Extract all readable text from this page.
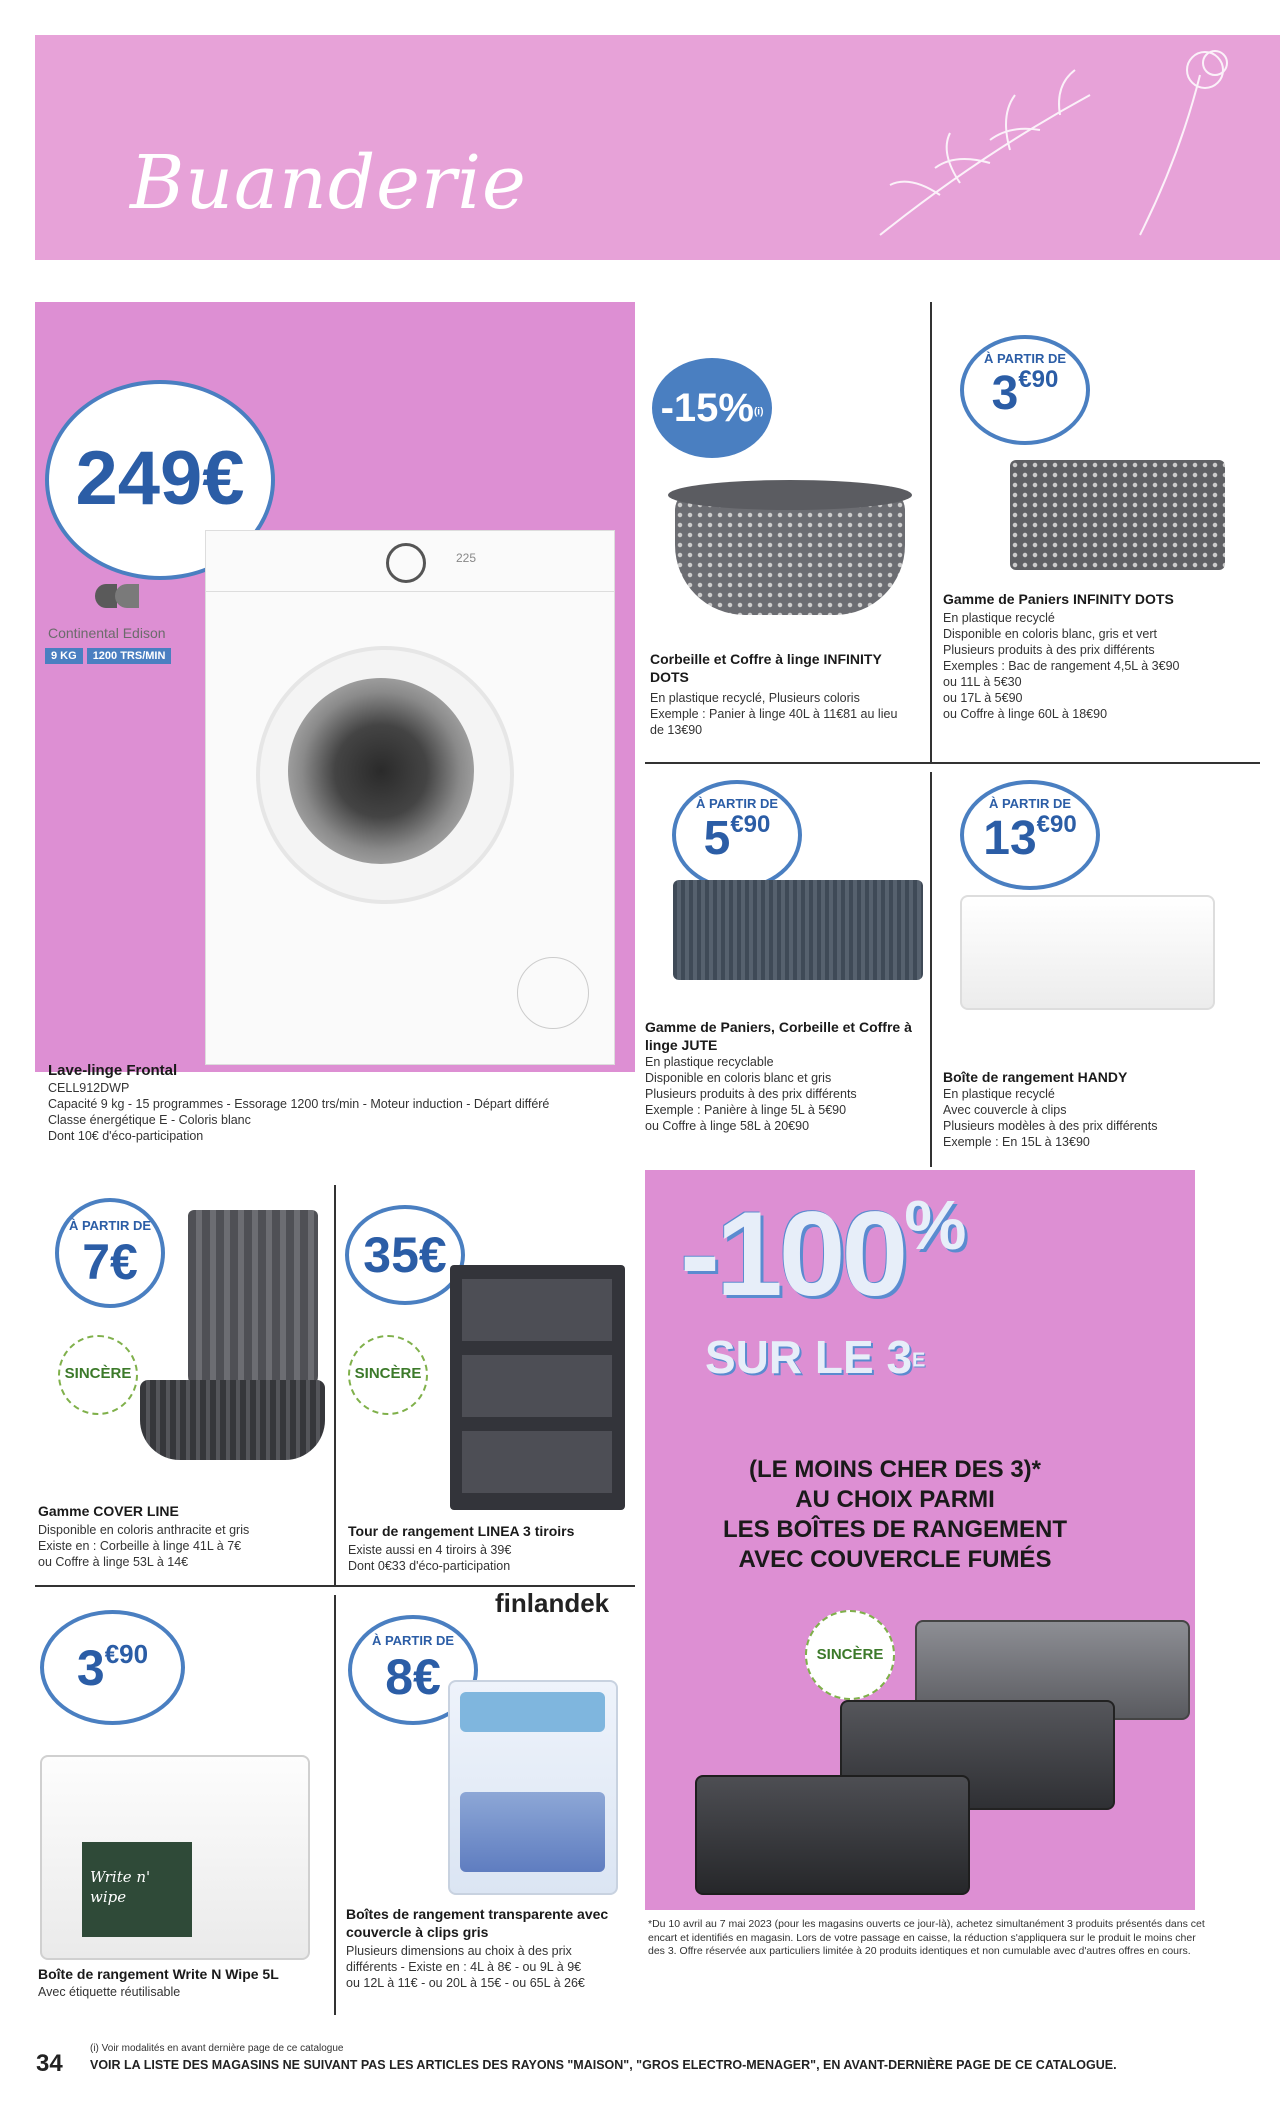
Buanderie
249€
Continental Edison
9 KG	1200 TRS/MIN
225
Lave-linge Frontal
CELL912DWP
Capacité 9 kg - 15 programmes - Essorage 1200 trs/min - Moteur induction - Départ différé
Classe énergétique E - Coloris blanc
Dont 10€ d'éco-participation
-15%$^{(i)}$
Corbeille et Coffre à linge INFINITY DOTS
En plastique recyclé, Plusieurs coloris
Exemple : Panier à linge 40L à 11€81 au lieu de 13€90
À PARTIR DE
3€90
Gamme de Paniers INFINITY DOTS
En plastique recyclé
Disponible en coloris blanc, gris et vert
Plusieurs produits à des prix différents
Exemples : Bac de rangement 4,5L à 3€90
ou 11L à 5€30
ou 17L à 5€90
ou Coffre à linge 60L à 18€90
À PARTIR DE
5€90
Gamme de Paniers, Corbeille et Coffre à linge JUTE
En plastique recyclable
Disponible en coloris blanc et gris
Plusieurs produits à des prix différents
Exemple : Panière à linge 5L à 5€90
ou Coffre à linge 58L à 20€90
À PARTIR DE
13€90
Boîte de rangement HANDY
En plastique recyclé
Avec couvercle à clips
Plusieurs modèles à des prix différents
Exemple : En 15L à 13€90
À PARTIR DE
7€
SINCÈRE
Gamme COVER LINE
Disponible en coloris anthracite et gris
Existe en : Corbeille à linge 41L à 7€
ou Coffre à linge 53L à 14€
35€
SINCÈRE
Tour de rangement LINEA 3 tiroirs
Existe aussi en 4 tiroirs à 39€
Dont 0€33 d'éco-participation
finlandek
3€90
Write n' wipe
Boîte de rangement Write N Wipe 5L
Avec étiquette réutilisable
À PARTIR DE
8€
Boîtes de rangement transparente avec couvercle à clips gris
Plusieurs dimensions au choix à des prix
différents - Existe en : 4L à 8€ - ou 9L à 9€
ou 12L à 11€ - ou 20L à 15€ - ou 65L à 26€
-100%
SUR LE $3^E$
(LE MOINS CHER DES 3)*
AU CHOIX PARMI
LES BOÎTES DE RANGEMENT
AVEC COUVERCLE FUMÉS
SINCÈRE
*Du 10 avril au 7 mai 2023 (pour les magasins ouverts ce jour-là), achetez simultanément 3 produits présentés dans cet encart et identifiés en magasin. Lors de votre passage en caisse, la réduction s'appliquera sur le produit le moins cher des 3. Offre réservée aux particuliers limitée à 20 produits identiques et non cumulable avec d'autres offres en cours.
34
(i) Voir modalités en avant dernière page de ce catalogue
VOIR LA LISTE DES MAGASINS NE SUIVANT PAS LES ARTICLES DES RAYONS "MAISON", "GROS ELECTRO-MENAGER", EN AVANT-DERNIÈRE PAGE DE CE CATALOGUE.
